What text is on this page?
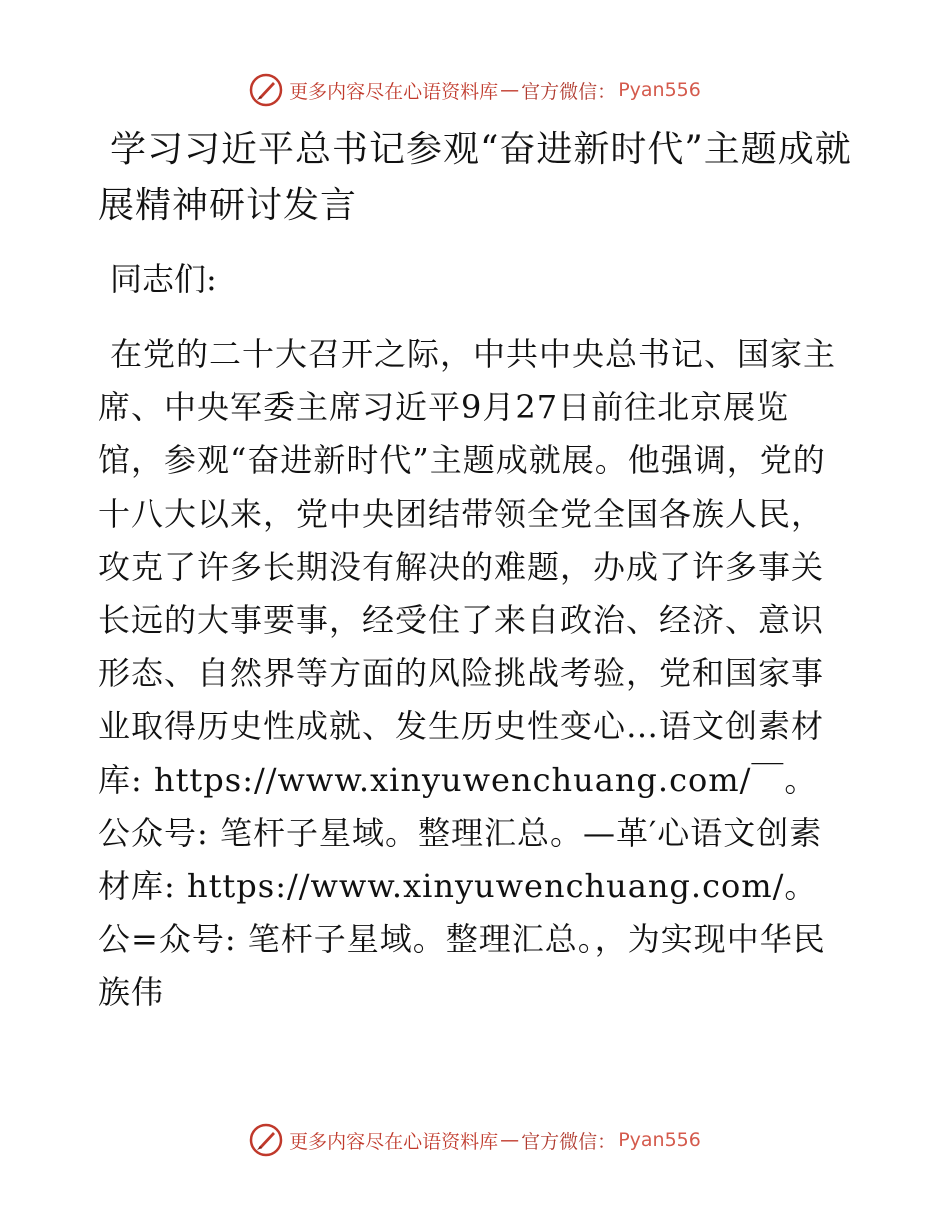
更多内容尽在心语资料库 — 官方微信： Pyan556
学习习近平总书记参观“奋进新时代”主题成就展精神研讨发言

同志们:

在党的二十大召开之际，中共中央总书记、国家主席、中央军委主席习近平9月27日前往北京展览馆，参观“奋进新时代”主题成就展。他强调，党的十八大以来，党中央团结带领全党全国各族人民，攻克了许多长期没有解决的难题，办成了许多事关长远的大事要事，经受住了来自政治、经济、意识形态、自然界等方面的风险挑战考验，党和国家事业取得历史性成就、发生历史性变心…语文创素材库: https://www.xinyuwenchuang.com/￣。公众号: 笔杆子星域。整理汇总。—革′心语文创素材库: https://www.xinyuwenchuang.com/。公=众号: 笔杆子星域。整理汇总。，为实现中华民族伟

更多内容尽在心语资料库 — 官方微信： Pyan556
